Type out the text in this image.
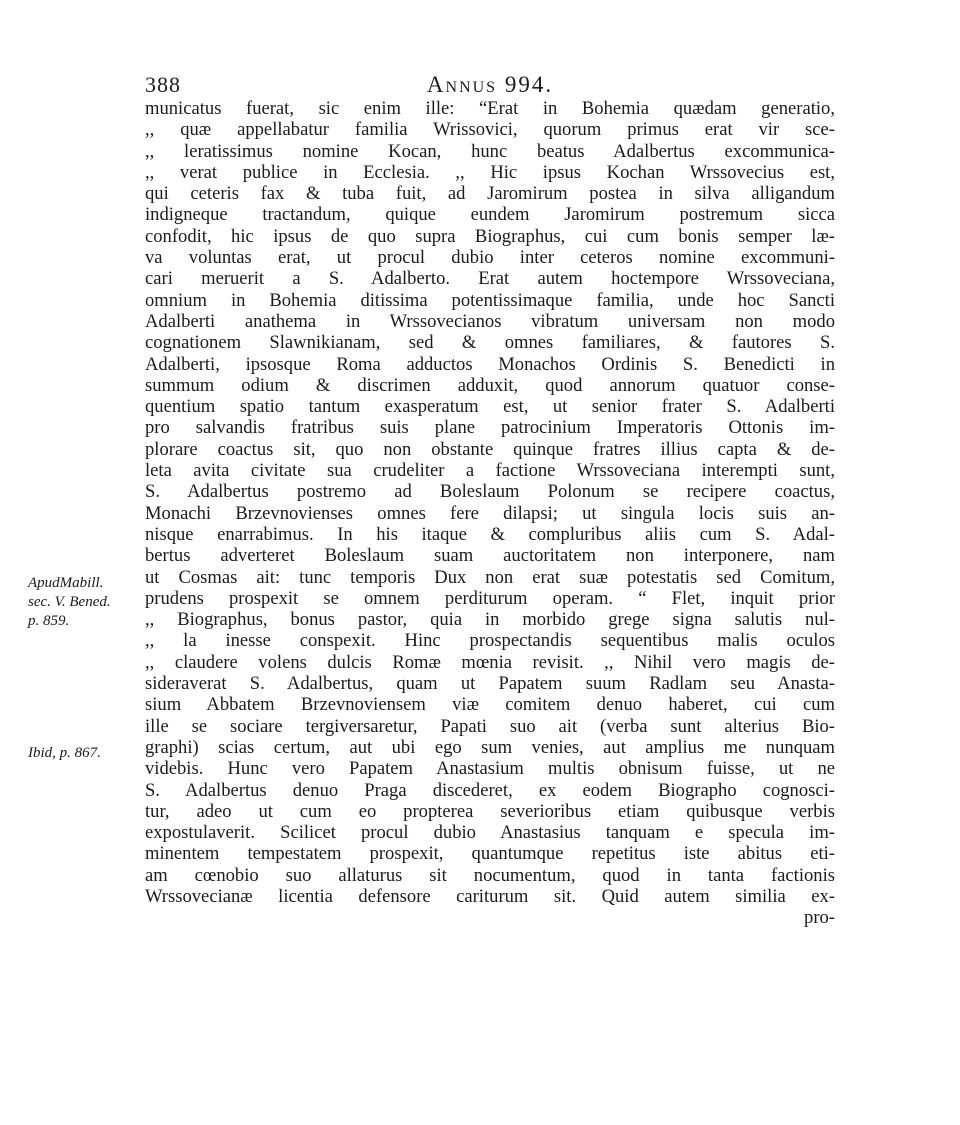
388	Annus 994.
municatus fuerat, sic enim ille: “Erat in Bohemia quædam generatio,
,, quæ appellabatur familia Wrissovici, quorum primus erat vir sce-
,, leratissimus nomine Kocan, hunc beatus Adalbertus excommunica-
,, verat publice in Ecclesia. ,, Hic ipsus Kochan Wrssovecius est,
qui ceteris fax & tuba fuit, ad Jaromirum postea in silva alligandum
indigneque tractandum, quique eundem Jaromirum postremum sicca
confodit, hic ipsus de quo supra Biographus, cui cum bonis semper læ-
va voluntas erat, ut procul dubio inter ceteros nomine excommuni-
cari meruerit a S. Adalberto. Erat autem hoctempore Wrssoveciana,
omnium in Bohemia ditissima potentissimaque familia, unde hoc Sancti
Adalberti anathema in Wrssovecianos vibratum universam non modo
cognationem Slawnikianam, sed & omnes familiares, & fautores S.
Adalberti, ipsosque Roma adductos Monachos Ordinis S. Benedicti in
summum odium & discrimen adduxit, quod annorum quatuor conse-
quentium spatio tantum exasperatum est, ut senior frater S. Adalberti
pro salvandis fratribus suis plane patrocinium Imperatoris Ottonis im-
plorare coactus sit, quo non obstante quinque fratres illius capta & de-
leta avita civitate sua crudeliter a factione Wrssoveciana interempti sunt,
S. Adalbertus postremo ad Boleslaum Polonum se recipere coactus,
Monachi Brzevnovienses omnes fere dilapsi; ut singula locis suis an-
nisque enarrabimus. In his itaque & compluribus aliis cum S. Adal-
bertus adverteret Boleslaum suam auctoritatem non interponere, nam
ut Cosmas ait: tunc temporis Dux non erat suæ potestatis sed Comitum,
prudens prospexit se omnem perditurum operam. “ Flet, inquit prior
,, Biographus, bonus pastor, quia in morbido grege signa salutis nul-
,, la inesse conspexit. Hinc prospectandis sequentibus malis oculos
,, claudere volens dulcis Romæ mœnia revisit. ,, Nihil vero magis de-
sideraverat S. Adalbertus, quam ut Papatem suum Radlam seu Anasta-
sium Abbatem Brzevnoviensem viæ comitem denuo haberet, cui cum
ille se sociare tergiversaretur, Papati suo ait (verba sunt alterius Bio-
graphi) scias certum, aut ubi ego sum venies, aut amplius me nunquam
videbis. Hunc vero Papatem Anastasium multis obnisum fuisse, ut ne
S. Adalbertus denuo Praga discederet, ex eodem Biographo cognosci-
tur, adeo ut cum eo propterea severioribus etiam quibusque verbis
expostulaverit. Scilicet procul dubio Anastasius tanquam e specula im-
minentem tempestatem prospexit, quantumque repetitus iste abitus eti-
am cœnobio suo allaturus sit nocumentum, quod in tanta factionis
Wrssovecianæ licentia defensore cariturum sit. Quid autem similia ex-
pro-
ApudMabill.
sec. V. Bened.
p. 859.
Ibid, p. 867.
